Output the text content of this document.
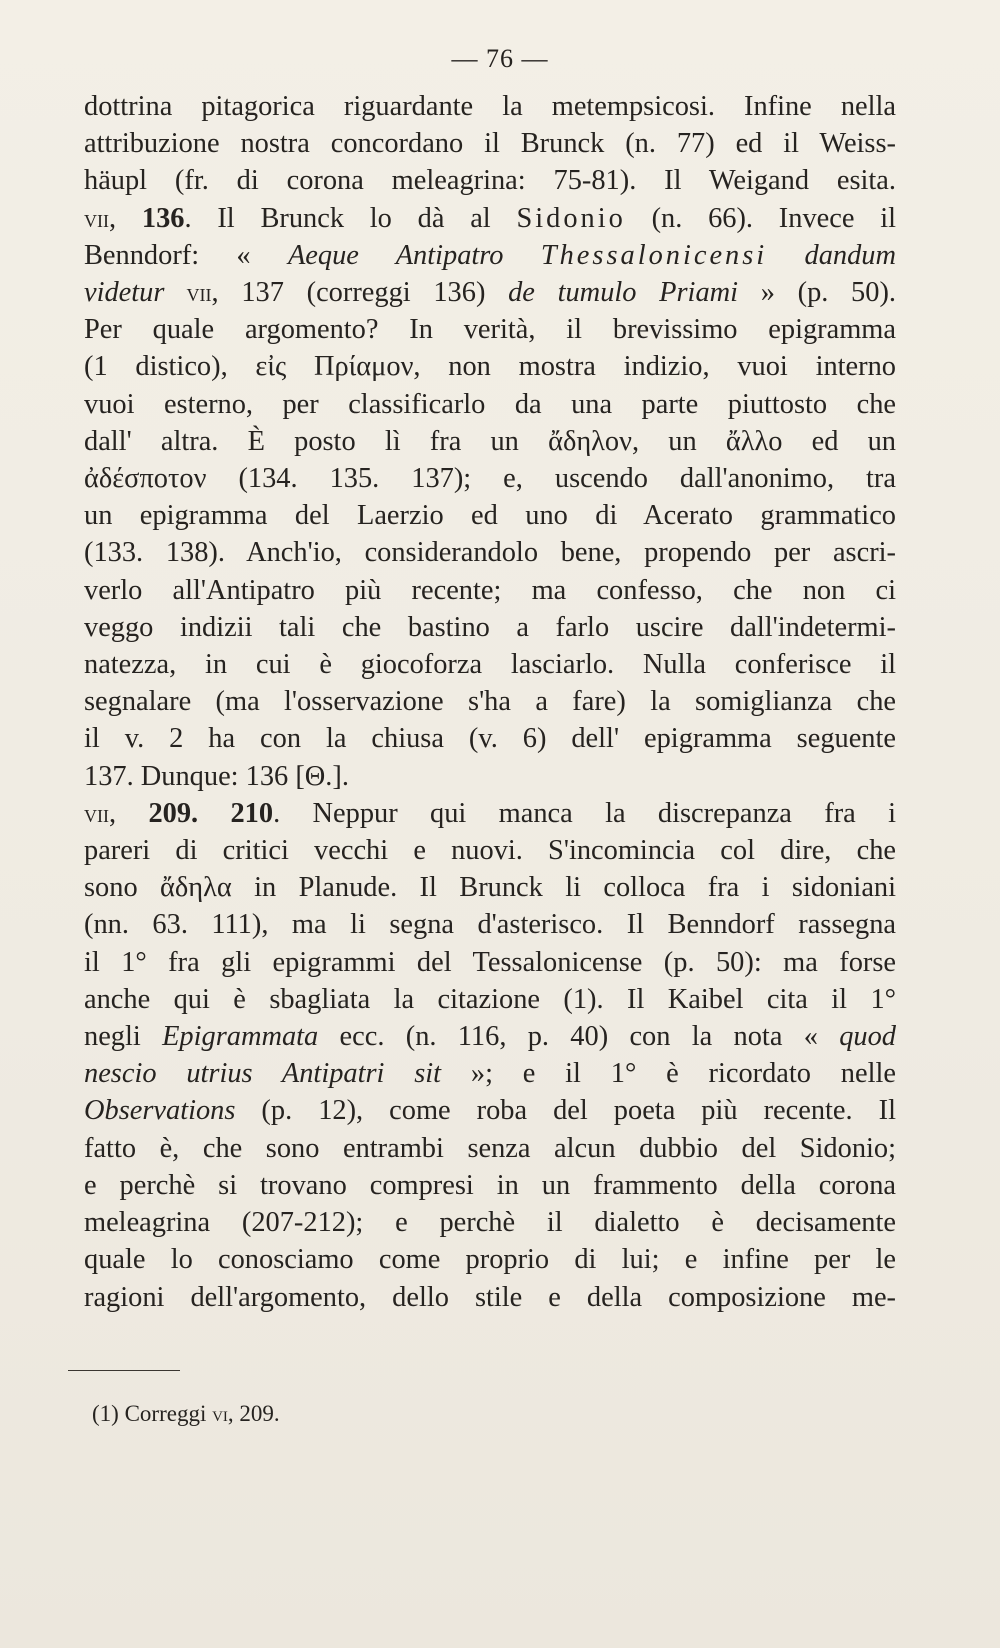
— 76 —
dottrina pitagorica riguardante la metempsicosi. Infine nella
attribuzione nostra concordano il Brunck (n. 77) ed il Weiss-
häupl (fr. di corona meleagrina: 75-81). Il Weigand esita.
vii, 136. Il Brunck lo dà al Sidonio (n. 66). Invece il
Benndorf: « Aeque Antipatro Thessalonicensi dandum
videtur vii, 137 (correggi 136) de tumulo Priami » (p. 50).
Per quale argomento? In verità, il brevissimo epigramma
(1 distico), εἰς Πρίαμον, non mostra indizio, vuoi interno
vuoi esterno, per classificarlo da una parte piuttosto che
dall' altra. È posto lì fra un ἄδηλον, un ἄλλο ed un
ἀδέσποτον (134. 135. 137); e, uscendo dall'anonimo, tra
un epigramma del Laerzio ed uno di Acerato grammatico
(133. 138). Anch'io, considerandolo bene, propendo per ascri-
verlo all'Antipatro più recente; ma confesso, che non ci
veggo indizii tali che bastino a farlo uscire dall'indetermi-
natezza, in cui è giocoforza lasciarlo. Nulla conferisce il
segnalare (ma l'osservazione s'ha a fare) la somiglianza che
il v. 2 ha con la chiusa (v. 6) dell' epigramma seguente
137. Dunque: 136 [Θ.].
vii, 209. 210. Neppur qui manca la discrepanza fra i
pareri di critici vecchi e nuovi. S'incomincia col dire, che
sono ἄδηλα in Planude. Il Brunck li colloca fra i sidoniani
(nn. 63. 111), ma li segna d'asterisco. Il Benndorf rassegna
il 1° fra gli epigrammi del Tessalonicense (p. 50): ma forse
anche qui è sbagliata la citazione (1). Il Kaibel cita il 1°
negli Epigrammata ecc. (n. 116, p. 40) con la nota « quod
nescio utrius Antipatri sit »; e il 1° è ricordato nelle
Observations (p. 12), come roba del poeta più recente. Il
fatto è, che sono entrambi senza alcun dubbio del Sidonio;
e perchè si trovano compresi in un frammento della corona
meleagrina (207-212); e perchè il dialetto è decisamente
quale lo conosciamo come proprio di lui; e infine per le
ragioni dell'argomento, dello stile e della composizione me-
(1) Correggi vi, 209.
